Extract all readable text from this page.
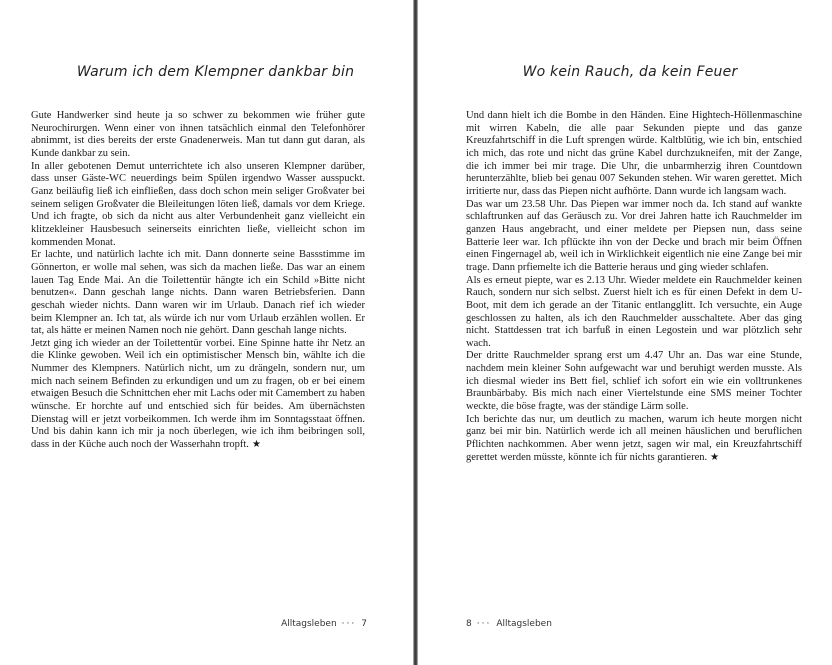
Warum ich dem Klempner dankbar bin

Gute Handwerker sind heute ja so schwer zu bekommen wie früher gute Neurochirurgen. Wenn einer von ihnen tatsächlich einmal den Telefonhörer abnimmt, ist dies bereits der erste Gnadenerweis. Man tut dann gut daran, als Kunde dankbar zu sein.

In aller gebotenen Demut unterrichtete ich also unseren Klempner darüber, dass unser Gäste-WC neuerdings beim Spülen irgendwo Wasser ausspuckt. Ganz beiläufig ließ ich einfließen, dass doch schon mein seliger Großvater bei seinem seligen Großvater die Bleileitungen löten ließ, damals vor dem Kriege. Und ich fragte, ob sich da nicht aus alter Verbundenheit ganz vielleicht ein klitzekleiner Hausbesuch seinerseits einrichten ließe, vielleicht schon im kommenden Monat.

Er lachte, und natürlich lachte ich mit. Dann donnerte seine Bassstimme im Gönnerton, er wolle mal sehen, was sich da machen ließe. Das war an einem lauen Tag Ende Mai. An die Toilettentür hängte ich ein Schild »Bitte nicht benutzen«. Dann geschah lange nichts. Dann waren Betriebsferien. Dann geschah wieder nichts. Dann waren wir im Urlaub. Danach rief ich wieder beim Klempner an. Ich tat, als würde ich nur vom Urlaub erzählen wollen. Er tat, als hätte er meinen Namen noch nie gehört. Dann geschah lange nichts.

Jetzt ging ich wieder an der Toilettentür vorbei. Eine Spinne hatte ihr Netz an die Klinke gewoben. Weil ich ein optimistischer Mensch bin, wählte ich die Nummer des Klempners. Natürlich nicht, um zu drängeln, sondern nur, um mich nach seinem Befinden zu erkundigen und um zu fragen, ob er bei einem etwaigen Besuch die Schnittchen eher mit Lachs oder mit Camembert zu haben wünsche. Er horchte auf und entschied sich für beides. Am übernächsten Dienstag will er jetzt vorbeikommen. Ich werde ihm im Sonntagsstaat öffnen. Und bis dahin kann ich mir ja noch überlegen, wie ich ihm beibringen soll, dass in der Küche auch noch der Wasserhahn tropft. ★

Alltagsleben ··· 7
Wo kein Rauch, da kein Feuer

Und dann hielt ich die Bombe in den Händen. Eine Hightech-Höllenmaschine mit wirren Kabeln, die alle paar Sekunden piepte und das ganze Kreuzfahrtschiff in die Luft sprengen würde. Kaltblütig, wie ich bin, entschied ich mich, das rote und nicht das grüne Kabel durchzukneifen, mit der Zange, die ich immer bei mir trage. Die Uhr, die unbarmherzig ihren Countdown herunterzählte, blieb bei genau 007 Sekunden stehen. Wir waren gerettet. Mich irritierte nur, dass das Piepen nicht aufhörte. Dann wurde ich langsam wach.

Das war um 23.58 Uhr. Das Piepen war immer noch da. Ich stand auf wankte schlaftrunken auf das Geräusch zu. Vor drei Jahren hatte ich Rauchmelder im ganzen Haus angebracht, und einer meldete per Piepsen nun, dass seine Batterie leer war. Ich pflückte ihn von der Decke und brach mir beim Öffnen einen Fingernagel ab, weil ich in Wirklichkeit eigentlich nie eine Zange bei mir trage. Dann prfiemelte ich die Batterie heraus und ging wieder schlafen.

Als es erneut piepte, war es 2.13 Uhr. Wieder meldete ein Rauchmelder keinen Rauch, sondern nur sich selbst. Zuerst hielt ich es für einen Defekt in dem U-Boot, mit dem ich gerade an der Titanic entlangglitt. Ich versuchte, ein Auge geschlossen zu halten, als ich den Rauchmelder ausschaltete. Aber das ging nicht. Stattdessen trat ich barfuß in einen Legostein und war plötzlich sehr wach.

Der dritte Rauchmelder sprang erst um 4.47 Uhr an. Das war eine Stunde, nachdem mein kleiner Sohn aufgewacht war und beruhigt werden musste. Als ich diesmal wieder ins Bett fiel, schlief ich sofort ein wie ein volltrunkenes Braunbärbaby. Bis mich nach einer Viertelstunde eine SMS meiner Tochter weckte, die böse fragte, was der ständige Lärm solle.

Ich berichte das nur, um deutlich zu machen, warum ich heute morgen nicht ganz bei mir bin. Natürlich werde ich all meinen häuslichen und beruflichen Pflichten nachkommen. Aber wenn jetzt, sagen wir mal, ein Kreuzfahrtschiff gerettet werden müsste, könnte ich für nichts garantieren. ★

8 ··· Alltagsleben
